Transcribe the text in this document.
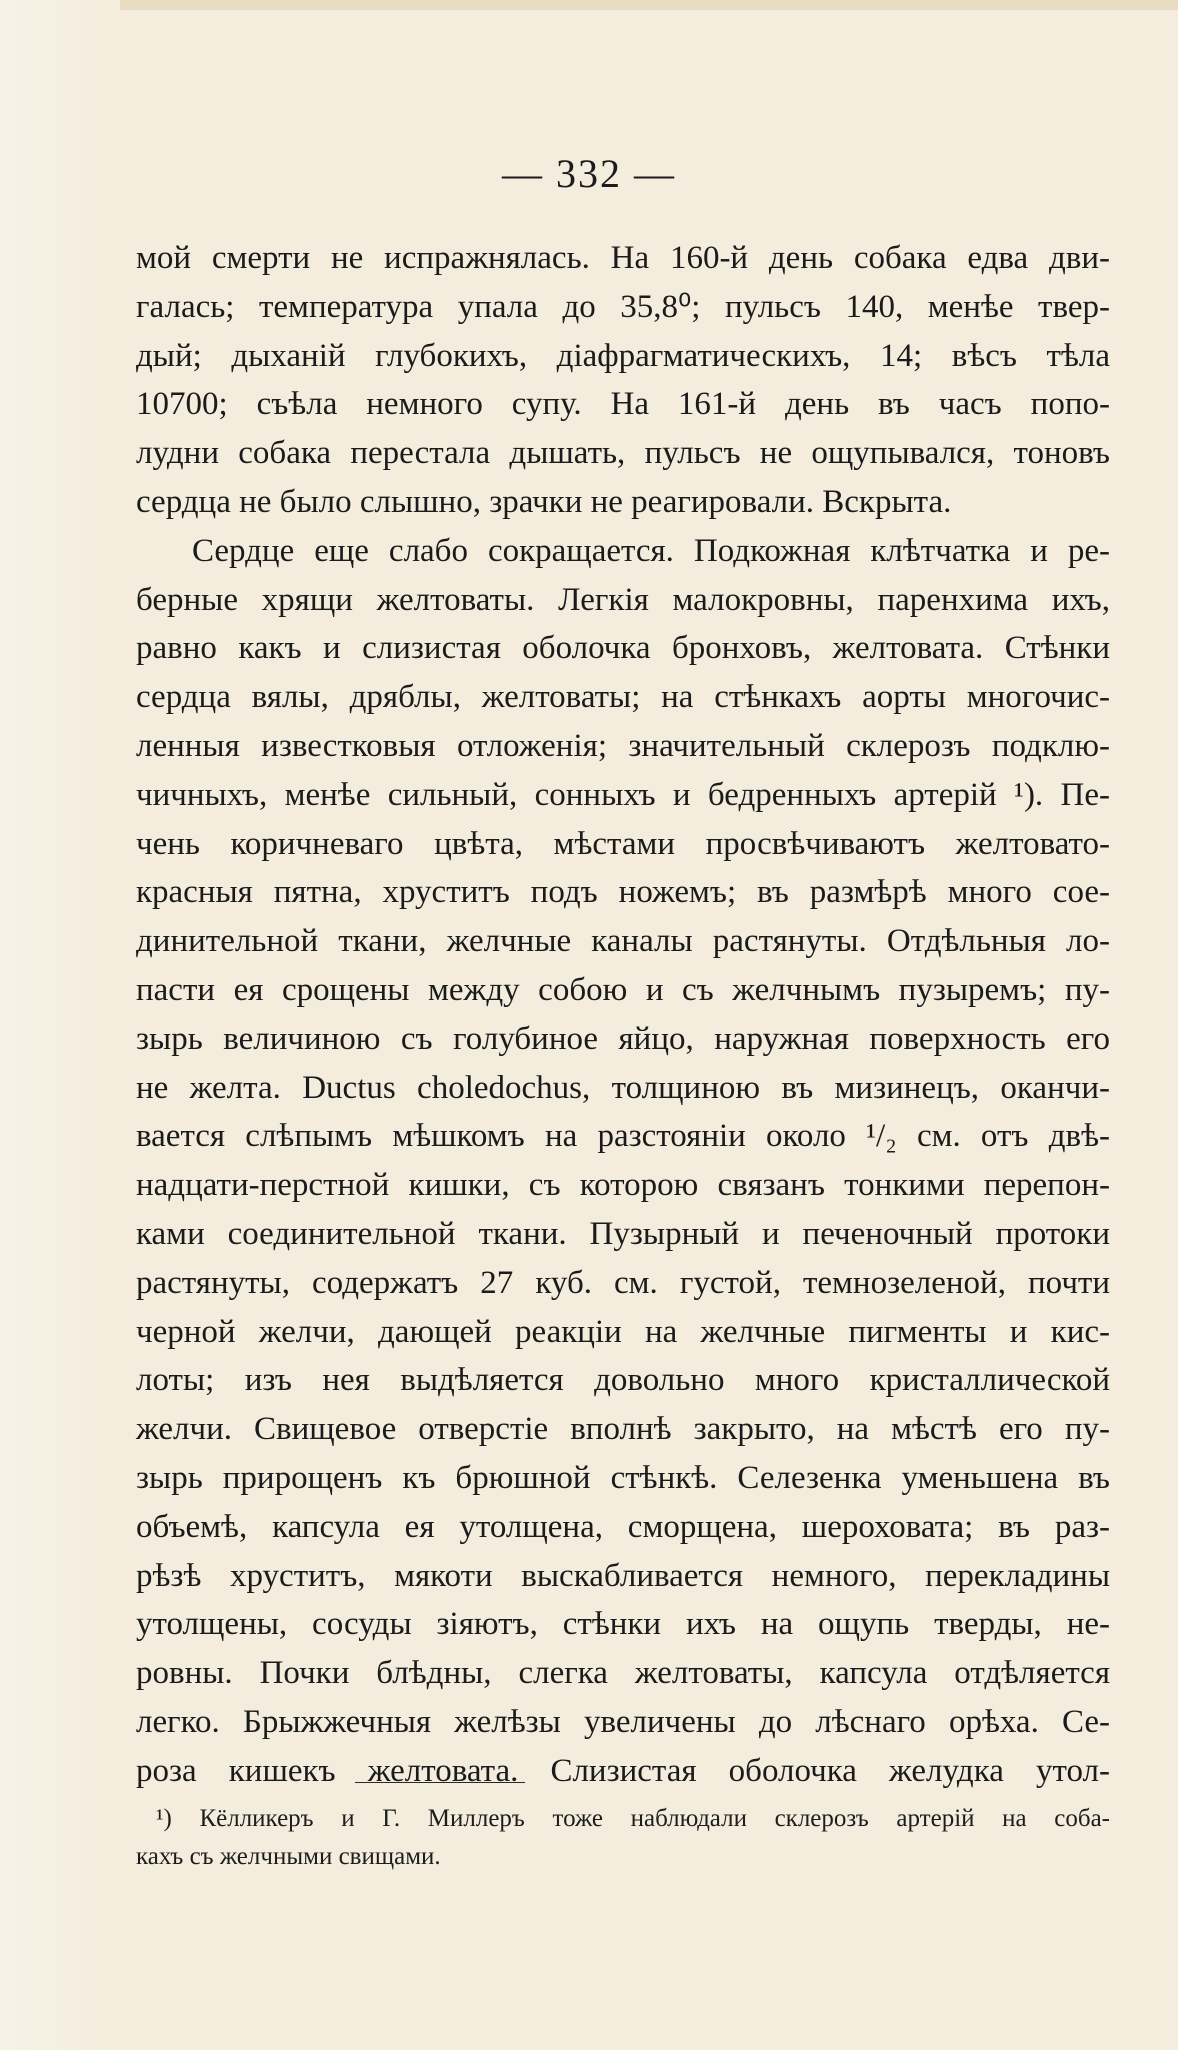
— 332 —
мой смерти не испражнялась. На 160-й день собака едва дви-
галась; температура упала до 35,8⁰; пульсъ 140, менѣе твер-
дый; дыханій глубокихъ, діафрагматическихъ, 14; вѣсъ тѣла
10700; съѣла немного супу. На 161-й день въ часъ попо-
лудни собака перестала дышать, пульсъ не ощупывался, тоновъ
сердца не было слышно, зрачки не реагировали. Вскрыта.
Сердце еще слабо сокращается. Подкожная клѣтчатка и ре-
берные хрящи желтоваты. Легкія малокровны, паренхима ихъ,
равно какъ и слизистая оболочка бронховъ, желтовата. Стѣнки
сердца вялы, дряблы, желтоваты; на стѣнкахъ аорты многочис-
ленныя известковыя отложенія; значительный склерозъ подклю-
чичныхъ, менѣе сильный, сонныхъ и бедренныхъ артерій ¹). Пе-
чень коричневаго цвѣта, мѣстами просвѣчиваютъ желтовато-
красныя пятна, хруститъ подъ ножемъ; въ размѣрѣ много сое-
динительной ткани, желчные каналы растянуты. Отдѣльныя ло-
пасти ея срощены между собою и съ желчнымъ пузыремъ; пу-
зырь величиною съ голубиное яйцо, наружная поверхность его
не желта. Ductus choledochus, толщиною въ мизинецъ, оканчи-
вается слѣпымъ мѣшкомъ на разстояніи около ¹/₂ см. отъ двѣ-
надцати-перстной кишки, съ которою связанъ тонкими перепон-
ками соединительной ткани. Пузырный и печеночный протоки
растянуты, содержатъ 27 куб. см. густой, темнозеленой, почти
черной желчи, дающей реакціи на желчные пигменты и кис-
лоты; изъ нея выдѣляется довольно много кристаллической
желчи. Свищевое отверстіе вполнѣ закрыто, на мѣстѣ его пу-
зырь прирощенъ къ брюшной стѣнкѣ. Селезенка уменьшена въ
объемѣ, капсула ея утолщена, сморщена, шероховата; въ раз-
рѣзѣ хруститъ, мякоти выскабливается немного, перекладины
утолщены, сосуды зіяютъ, стѣнки ихъ на ощупь тверды, не-
ровны. Почки блѣдны, слегка желтоваты, капсула отдѣляется
легко. Брыжжечныя желѣзы увеличены до лѣснаго орѣха. Се-
роза кишекъ желтовата. Слизистая оболочка желудка утол-
¹) Кёлликеръ и Г. Миллеръ тоже наблюдали склерозъ артерій на соба-
кахъ съ желчными свищами.
